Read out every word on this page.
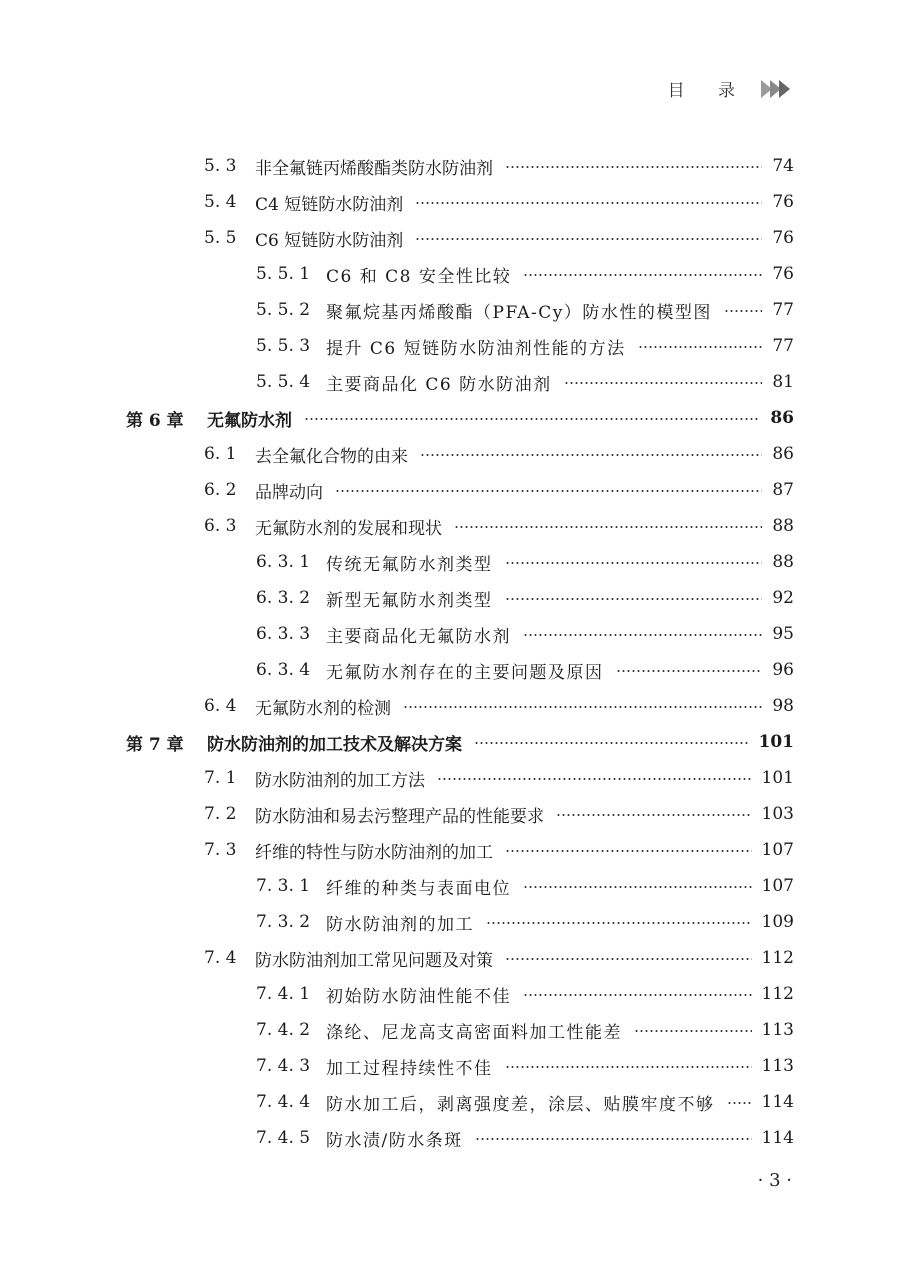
目 录
5. 3 非全氟链丙烯酸酯类防水防油剂	74
5. 4 C4 短链防水防油剂	76
5. 5 C6 短链防水防油剂	76
5. 5. 1 C6 和 C8 安全性比较	76
5. 5. 2 聚氟烷基丙烯酸酯（PFA-Cy）防水性的模型图	77
5. 5. 3 提升 C6 短链防水防油剂性能的方法	77
5. 5. 4 主要商品化 C6 防水防油剂	81
第 6 章 无氟防水剂	86
6. 1 去全氟化合物的由来	86
6. 2 品牌动向	87
6. 3 无氟防水剂的发展和现状	88
6. 3. 1 传统无氟防水剂类型	88
6. 3. 2 新型无氟防水剂类型	92
6. 3. 3 主要商品化无氟防水剂	95
6. 3. 4 无氟防水剂存在的主要问题及原因	96
6. 4 无氟防水剂的检测	98
第 7 章 防水防油剂的加工技术及解决方案	101
7. 1 防水防油剂的加工方法	101
7. 2 防水防油和易去污整理产品的性能要求	103
7. 3 纤维的特性与防水防油剂的加工	107
7. 3. 1 纤维的种类与表面电位	107
7. 3. 2 防水防油剂的加工	109
7. 4 防水防油剂加工常见问题及对策	112
7. 4. 1 初始防水防油性能不佳	112
7. 4. 2 涤纶、尼龙高支高密面料加工性能差	113
7. 4. 3 加工过程持续性不佳	113
7. 4. 4 防水加工后，剥离强度差，涂层、贴膜牢度不够	114
7. 4. 5 防水渍/防水条斑	114
· 3 ·
